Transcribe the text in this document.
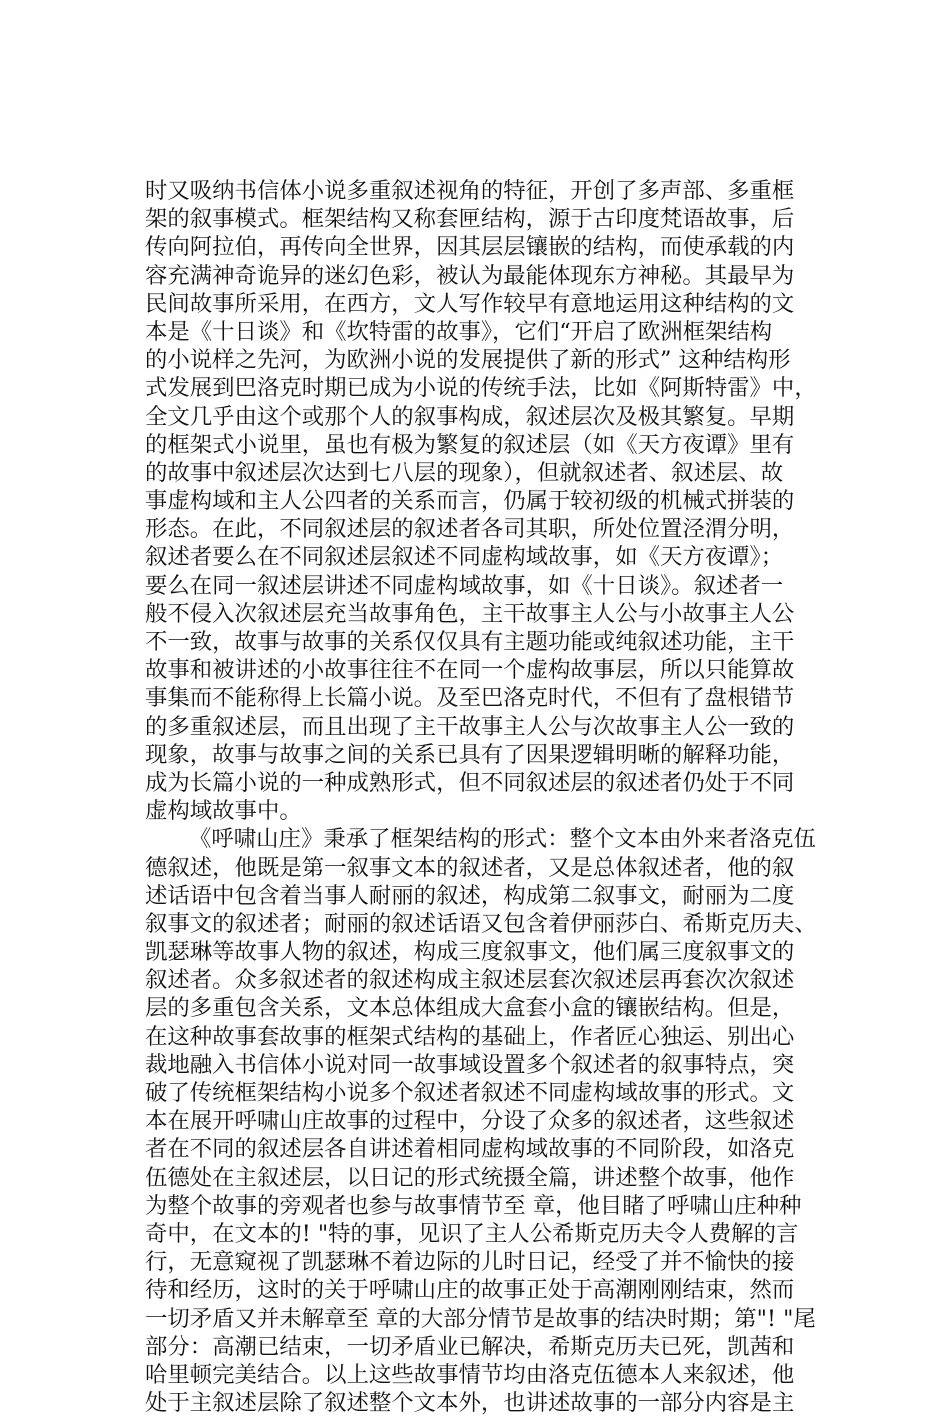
时又吸纳书信体小说多重叙述视角的特征，开创了多声部、多重框
架的叙事模式。框架结构又称套匣结构，源于古印度梵语故事，后
传向阿拉伯，再传向全世界，因其层层镶嵌的结构，而使承载的内
容充满神奇诡异的迷幻色彩，被认为最能体现东方神秘。其最早为
民间故事所采用，在西方，文人写作较早有意地运用这种结构的文
本是《十日谈》和《坎特雷的故事》，它们“开启了欧洲框架结构
的小说样之先河，为欧洲小说的发展提供了新的形式” 这种结构形
式发展到巴洛克时期已成为小说的传统手法，比如《阿斯特雷》中，
全文几乎由这个或那个人的叙事构成，叙述层次及极其繁复。早期
的框架式小说里，虽也有极为繁复的叙述层（如《天方夜谭》里有
的故事中叙述层次达到七八层的现象），但就叙述者、叙述层、故
事虚构域和主人公四者的关系而言，仍属于较初级的机械式拼装的
形态。在此，不同叙述层的叙述者各司其职，所处位置泾渭分明，
叙述者要么在不同叙述层叙述不同虚构域故事，如《天方夜谭》；
要么在同一叙述层讲述不同虚构域故事，如《十日谈》。叙述者一
般不侵入次叙述层充当故事角色，主干故事主人公与小故事主人公
不一致，故事与故事的关系仅仅具有主题功能或纯叙述功能，主干
故事和被讲述的小故事往往不在同一个虚构故事层，所以只能算故
事集而不能称得上长篇小说。及至巴洛克时代，不但有了盘根错节
的多重叙述层，而且出现了主干故事主人公与次故事主人公一致的
现象，故事与故事之间的关系已具有了因果逻辑明晰的解释功能，
成为长篇小说的一种成熟形式，但不同叙述层的叙述者仍处于不同
虚构域故事中。
《呼啸山庄》秉承了框架结构的形式：整个文本由外来者洛克伍
德叙述，他既是第一叙事文本的叙述者，又是总体叙述者，他的叙
述话语中包含着当事人耐丽的叙述，构成第二叙事文，耐丽为二度
叙事文的叙述者；耐丽的叙述话语又包含着伊丽莎白、希斯克历夫、
凯瑟琳等故事人物的叙述，构成三度叙事文，他们属三度叙事文的
叙述者。众多叙述者的叙述构成主叙述层套次叙述层再套次次叙述
层的多重包含关系，文本总体组成大盒套小盒的镶嵌结构。但是，
在这种故事套故事的框架式结构的基础上，作者匠心独运、别出心
裁地融入书信体小说对同一故事域设置多个叙述者的叙事特点，突
破了传统框架结构小说多个叙述者叙述不同虚构域故事的形式。文
本在展开呼啸山庄故事的过程中，分设了众多的叙述者，这些叙述
者在不同的叙述层各自讲述着相同虚构域故事的不同阶段，如洛克
伍德处在主叙述层，以日记的形式统摄全篇，讲述整个故事，他作
为整个故事的旁观者也参与故事情节至 章，他目睹了呼啸山庄种种
奇中，在文本的! "特的事，见识了主人公希斯克历夫令人费解的言
行，无意窥视了凯瑟琳不着边际的儿时日记，经受了并不愉快的接
待和经历，这时的关于呼啸山庄的故事正处于高潮刚刚结束，然而
一切矛盾又并未解章至 章的大部分情节是故事的结决时期；第"! "尾
部分：高潮已结束，一切矛盾业已解决，希斯克历夫已死，凯茜和
哈里顿完美结合。以上这些故事情节均由洛克伍德本人来叙述，他
处于主叙述层除了叙述整个文本外，也讲述故事的一部分内容是主
